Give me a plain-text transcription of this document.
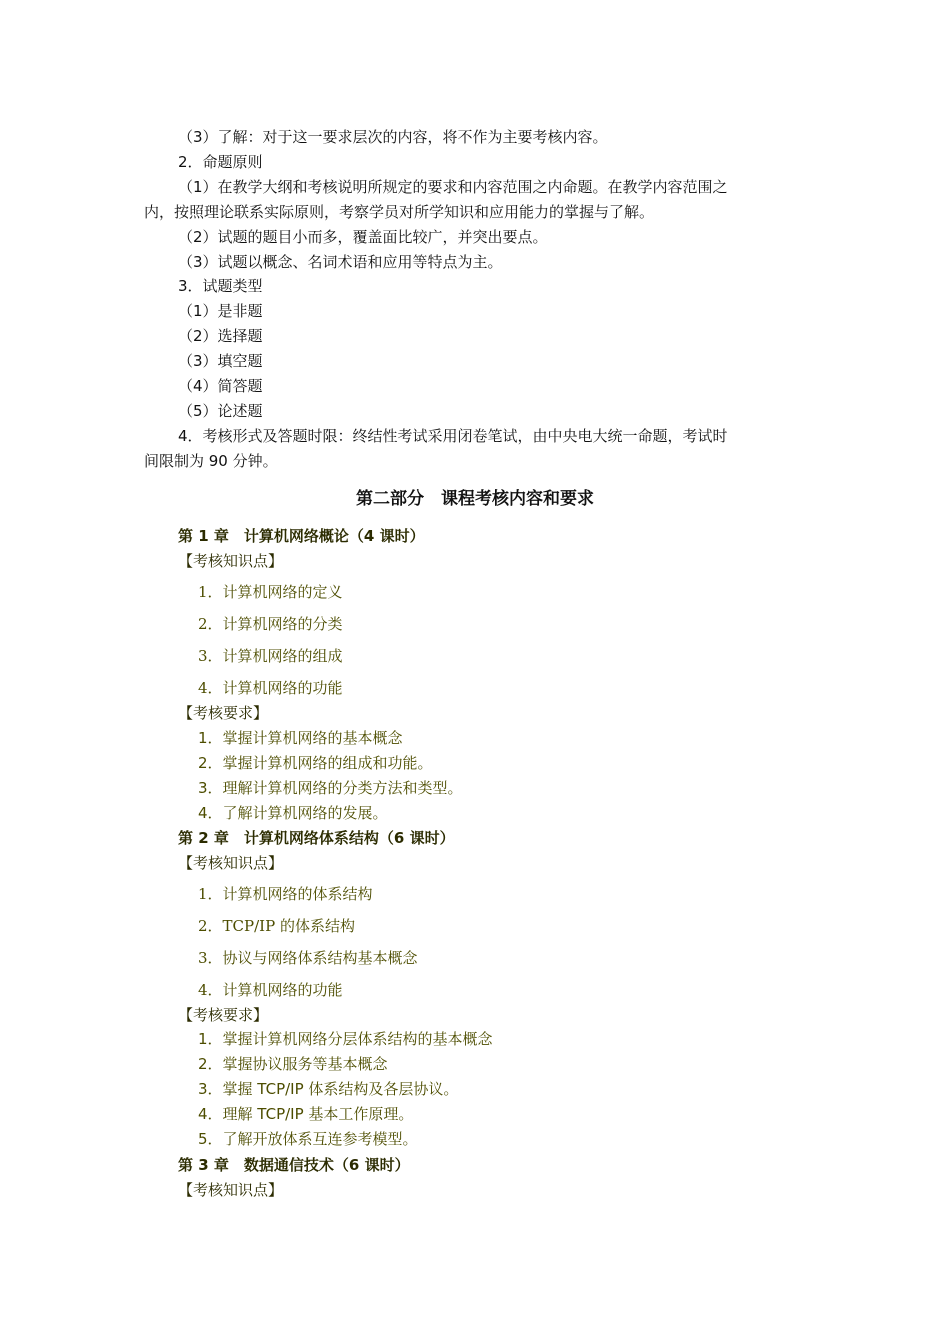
（3）了解：对于这一要求层次的内容，将不作为主要考核内容。
2．命题原则
（1）在教学大纲和考核说明所规定的要求和内容范围之内命题。在教学内容范围之
内，按照理论联系实际原则，考察学员对所学知识和应用能力的掌握与了解。
（2）试题的题目小而多，覆盖面比较广，并突出要点。
（3）试题以概念、名词术语和应用等特点为主。
3．试题类型
（1）是非题
（2）选择题
（3）填空题
（4）简答题
（5）论述题
4．考核形式及答题时限：终结性考试采用闭卷笔试，由中央电大统一命题，考试时
间限制为 90 分钟。
第二部分　课程考核内容和要求
第 1 章　计算机网络概论（4 课时）
【考核知识点】
1．计算机网络的定义
2．计算机网络的分类
3．计算机网络的组成
4．计算机网络的功能
【考核要求】
1．掌握计算机网络的基本概念
2．掌握计算机网络的组成和功能。
3．理解计算机网络的分类方法和类型。
4．了解计算机网络的发展。
第 2 章　计算机网络体系结构（6 课时）
【考核知识点】
1．计算机网络的体系结构
2．TCP/IP 的体系结构
3．协议与网络体系结构基本概念
4．计算机网络的功能
【考核要求】
1．掌握计算机网络分层体系结构的基本概念
2．掌握协议服务等基本概念
3．掌握 TCP/IP 体系结构及各层协议。
4．理解 TCP/IP 基本工作原理。
5．了解开放体系互连参考模型。
第 3 章　数据通信技术（6 课时）
【考核知识点】
